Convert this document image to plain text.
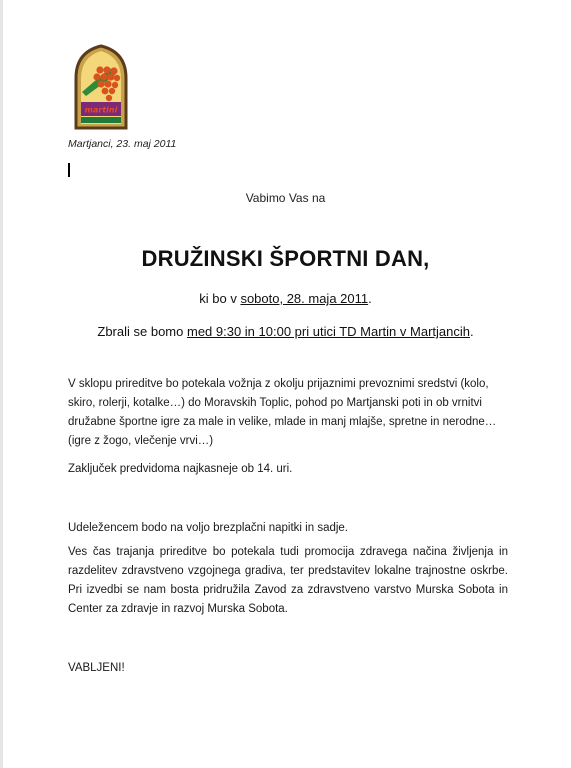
martini
Martjanci, 23. maj 2011
Vabimo Vas na
DRUŽINSKI ŠPORTNI DAN,
ki bo v soboto, 28. maja 2011.
Zbrali se bomo med 9:30 in 10:00 pri utici TD Martin v Martjancih.
V sklopu prireditve bo potekala vožnja z okolju prijaznimi prevoznimi sredstvi (kolo, skiro, rolerji, kotalke…) do Moravskih Toplic, pohod po Martjanski poti in ob vrnitvi družabne športne igre za male in velike, mlade in manj mlajše, spretne in nerodne…(igre z žogo, vlečenje vrvi…)
Zaključek predvidoma najkasneje ob 14. uri.
Udeležencem bodo na voljo brezplačni napitki in sadje.
Ves čas trajanja prireditve bo potekala tudi promocija zdravega načina življenja in razdelitev zdravstveno vzgojnega gradiva, ter predstavitev lokalne trajnostne oskrbe. Pri izvedbi se nam bosta pridružila Zavod za zdravstveno varstvo Murska Sobota in Center za zdravje in razvoj Murska Sobota.
VABLJENI!
